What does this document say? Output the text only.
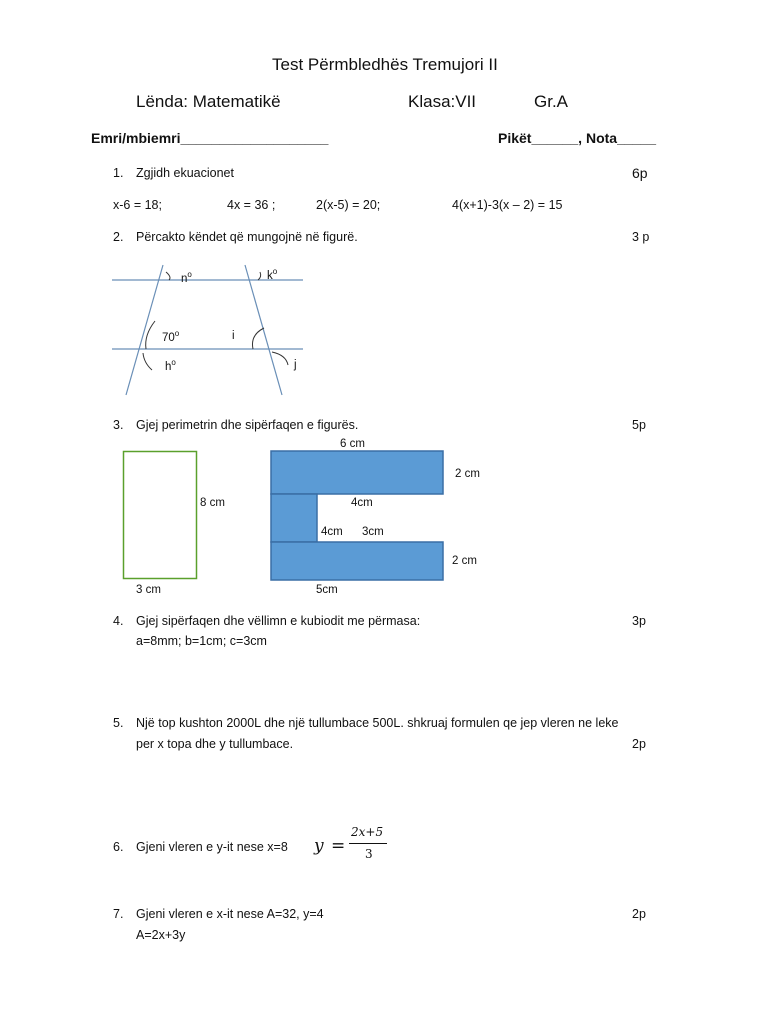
Test Përmbledhës Tremujori II
Lënda: Matematikë	Klasa:VII	Gr.A
Emri/mbiemri___________________	Pikët______, Nota_____
1. Zgjidh ekuacionet	6p
x-6 = 18;	4x = 36 ;	2(x-5) = 20;	4(x+1)-3(x – 2) = 15
2. Përcakto këndet që mungojnë në figurë.	3 p
$n^o$	$k^o$
70$^o$
$h^o$
i
j
3. Gjej perimetrin dhe sipërfaqen e figurës.	5p
8 cm
3 cm
6 cm
2 cm
4cm
4cm 3cm
2 cm
5cm
4. Gjej sipërfaqen dhe vëllimn e kubiodit me përmasa:
a=8mm; b=1cm; c=3cm
3p
5. Një top kushton 2000L dhe një tullumbace 500L. shkruaj formulen qe jep vleren ne leke
per x topa dhe y tullumbace.	2p
6. Gjeni vleren e y-it nese x=8 y =
2x+5
3
7. Gjeni vleren e x-it nese A=32, y=4
A=2x+3y
2p
